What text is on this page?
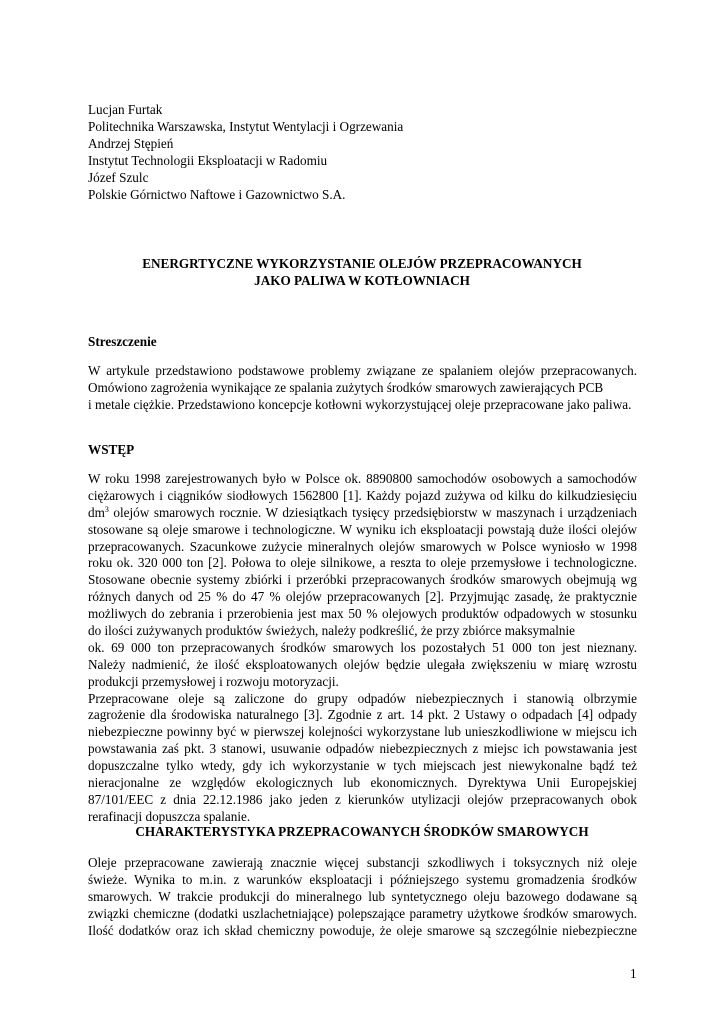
Lucjan Furtak
Politechnika Warszawska, Instytut Wentylacji i Ogrzewania
Andrzej Stępień
Instytut Technologii Eksploatacji w Radomiu
Józef Szulc
Polskie Górnictwo Naftowe i Gazownictwo S.A.
ENERGRTYCZNE WYKORZYSTANIE OLEJÓW PRZEPRACOWANYCH
JAKO PALIWA W KOTŁOWNIACH
Streszczenie
W artykule przedstawiono podstawowe problemy związane ze spalaniem olejów przepracowanych.
Omówiono zagrożenia wynikające ze spalania zużytych środków smarowych zawierających PCB
i metale ciężkie. Przedstawiono koncepcje kotłowni wykorzystującej oleje przepracowane jako paliwa.
WSTĘP
W roku 1998 zarejestrowanych było w Polsce ok. 8890800 samochodów osobowych a samochodów
ciężarowych i ciągników siodłowych 1562800 [1]. Każdy pojazd zużywa od kilku do kilkudziesięciu
$dm^3$ olejów smarowych rocznie. W dziesiątkach tysięcy przedsiębiorstw w maszynach i urządzeniach
stosowane są oleje smarowe i technologiczne. W wyniku ich eksploatacji powstają duże ilości olejów
przepracowanych. Szacunkowe zużycie mineralnych olejów smarowych w Polsce wyniosło w 1998
roku ok. 320 000 ton [2]. Połowa to oleje silnikowe, a reszta to oleje przemysłowe i technologiczne.
Stosowane obecnie systemy zbiórki i przeróbki przepracowanych środków smarowych obejmują wg
różnych danych od 25 % do 47 % olejów przepracowanych [2]. Przyjmując zasadę, że praktycznie
możliwych do zebrania i przerobienia jest max 50 % olejowych produktów odpadowych w stosunku
do ilości zużywanych produktów świeżych, należy podkreślić, że przy zbiórce maksymalnie
ok. 69 000 ton przepracowanych środków smarowych los pozostałych 51 000 ton jest nieznany.
Należy nadmienić, że ilość eksploatowanych olejów będzie ulegała zwiększeniu w miarę wzrostu
produkcji przemysłowej i rozwoju motoryzacji.
Przepracowane oleje są zaliczone do grupy odpadów niebezpiecznych i stanowią olbrzymie
zagrożenie dla środowiska naturalnego [3]. Zgodnie z art. 14 pkt. 2 Ustawy o odpadach [4] odpady
niebezpieczne powinny być w pierwszej kolejności wykorzystane lub unieszkodliwione w miejscu ich
powstawania zaś pkt. 3 stanowi, usuwanie odpadów niebezpiecznych z miejsc ich powstawania jest
dopuszczalne tylko wtedy, gdy ich wykorzystanie w tych miejscach jest niewykonalne bądź też
nieracjonalne ze względów ekologicznych lub ekonomicznych. Dyrektywa Unii Europejskiej
87/101/EEC z dnia 22.12.1986 jako jeden z kierunków utylizacji olejów przepracowanych obok
rerafinacji dopuszcza spalanie.
CHARAKTERYSTYKA PRZEPRACOWANYCH ŚRODKÓW SMAROWYCH
Oleje przepracowane zawierają znacznie więcej substancji szkodliwych i toksycznych niż oleje
świeże. Wynika to m.in. z warunków eksploatacji i późniejszego systemu gromadzenia środków
smarowych. W trakcie produkcji do mineralnego lub syntetycznego oleju bazowego dodawane są
związki chemiczne (dodatki uszlachetniające) polepszające parametry użytkowe środków smarowych.
Ilość dodatków oraz ich skład chemiczny powoduje, że oleje smarowe są szczególnie niebezpieczne
1
